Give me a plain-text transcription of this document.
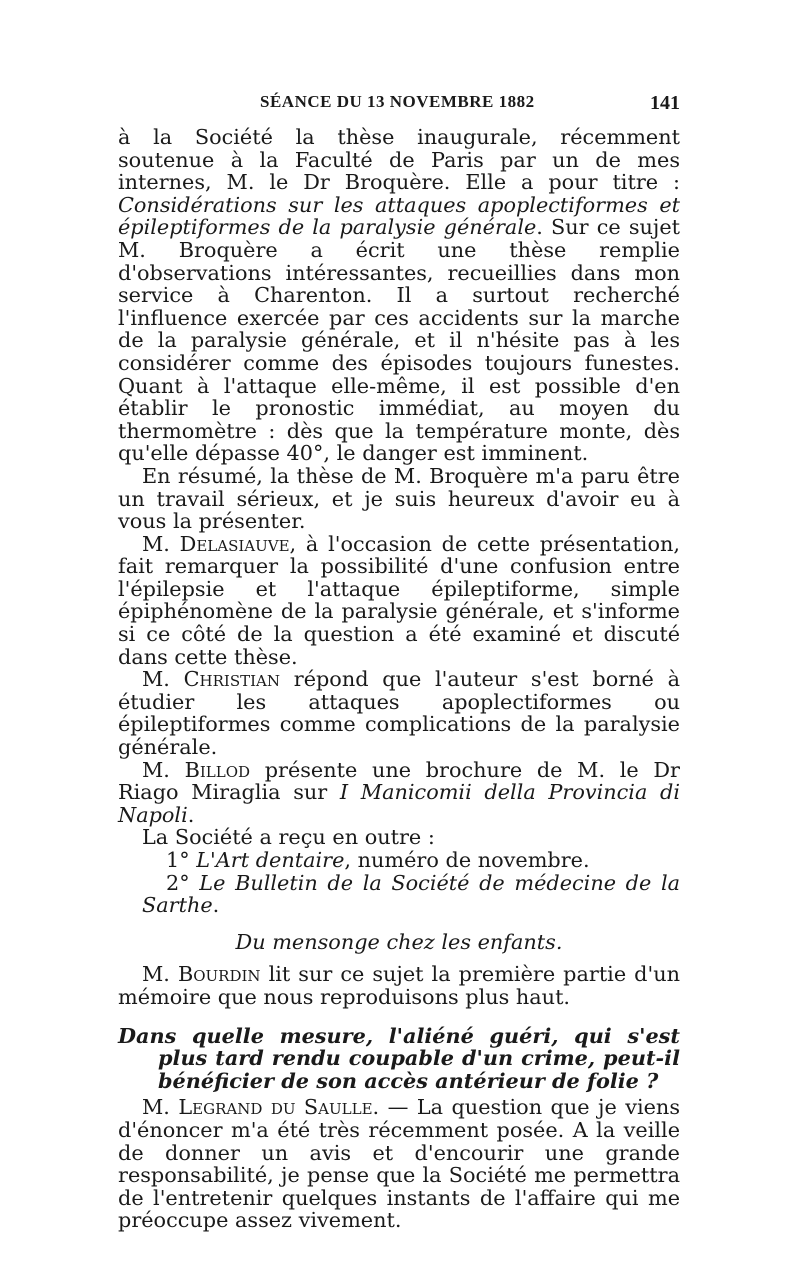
SÉANCE DU 13 NOVEMBRE 1882	141

à la Société la thèse inaugurale, récemment soutenue à la Faculté de Paris par un de mes internes, M. le Dr Broquère. Elle a pour titre : Considérations sur les attaques apoplectiformes et épileptiformes de la paralysie générale. Sur ce sujet M. Broquère a écrit une thèse remplie d'observations intéressantes, recueillies dans mon service à Charenton. Il a surtout recherché l'influence exercée par ces accidents sur la marche de la paralysie générale, et il n'hésite pas à les considérer comme des épisodes toujours funestes. Quant à l'attaque elle-même, il est possible d'en établir le pronostic immédiat, au moyen du thermomètre : dès que la température monte, dès qu'elle dépasse 40°, le danger est imminent.

En résumé, la thèse de M. Broquère m'a paru être un travail sérieux, et je suis heureux d'avoir eu à vous la présenter.

M. Delasiauve, à l'occasion de cette présentation, fait remarquer la possibilité d'une confusion entre l'épilepsie et l'attaque épileptiforme, simple épiphénomène de la paralysie générale, et s'informe si ce côté de la question a été examiné et discuté dans cette thèse.

M. Christian répond que l'auteur s'est borné à étudier les attaques apoplectiformes ou épileptiformes comme complications de la paralysie générale.

M. Billod présente une brochure de M. le Dr Riago Miraglia sur I Manicomii della Provincia di Napoli.

La Société a reçu en outre :

1° L'Art dentaire, numéro de novembre.

2° Le Bulletin de la Société de médecine de la Sarthe.

Du mensonge chez les enfants.

M. Bourdin lit sur ce sujet la première partie d'un mémoire que nous reproduisons plus haut.

Dans quelle mesure, l'aliéné guéri, qui s'est plus tard rendu coupable d'un crime, peut-il bénéficier de son accès antérieur de folie ?

M. Legrand du Saulle. — La question que je viens d'énoncer m'a été très récemment posée. A la veille de donner un avis et d'encourir une grande responsabilité, je pense que la Société me permettra de l'entretenir quelques instants de l'affaire qui me préoccupe assez vivement.
